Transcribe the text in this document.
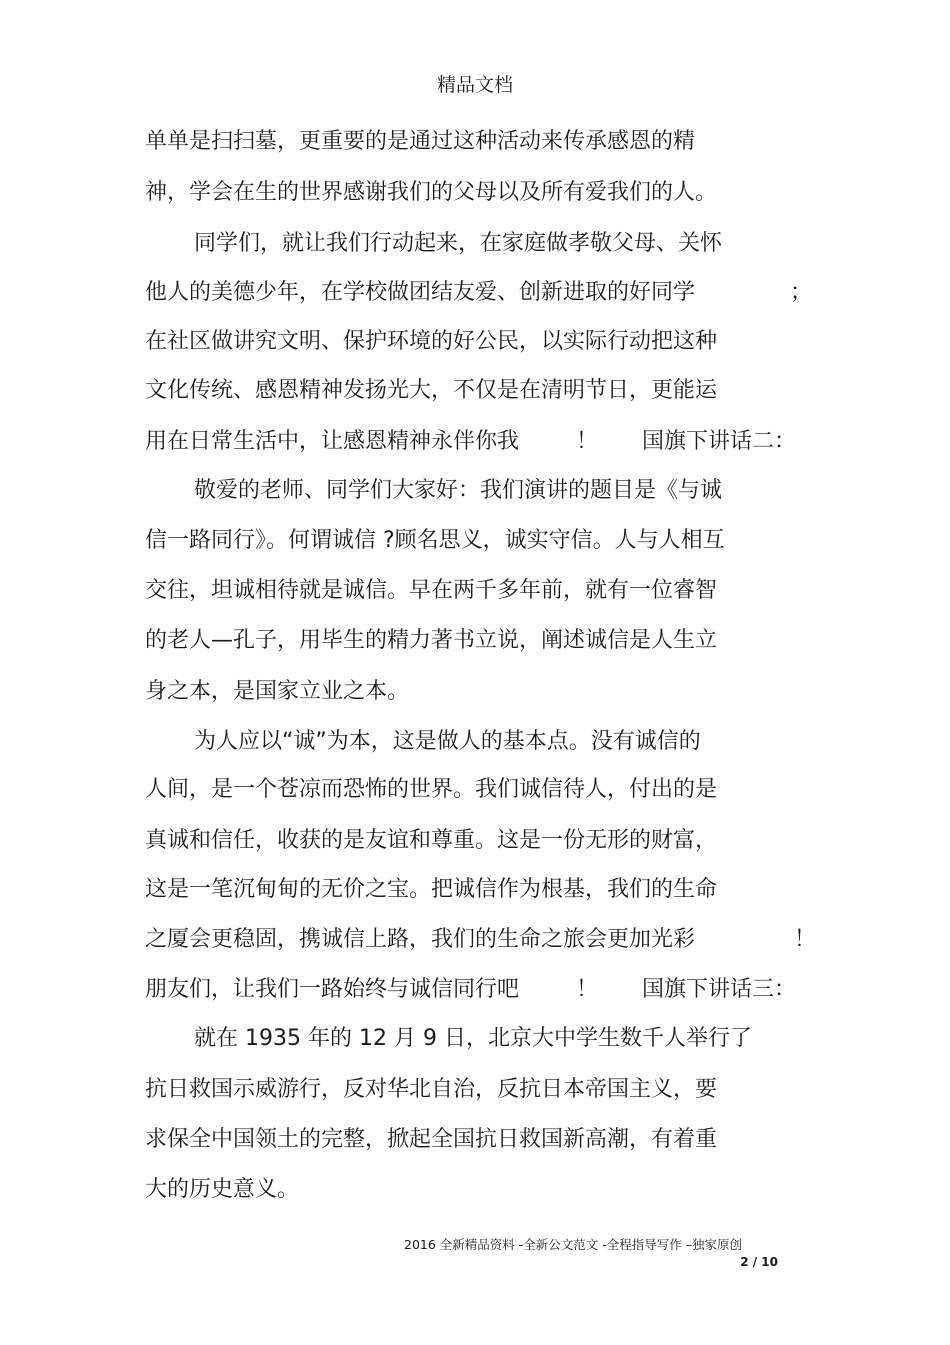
精品文档
单单是扫扫墓，更重要的是通过这种活动来传承感恩的精
神，学会在生的世界感谢我们的父母以及所有爱我们的人。
同学们，就让我们行动起来，在家庭做孝敬父母、关怀
他人的美德少年，在学校做团结友爱、创新进取的好同学	；
在社区做讲究文明、保护环境的好公民，以实际行动把这种
文化传统、感恩精神发扬光大，不仅是在清明节日，更能运
用在日常生活中，让感恩精神永伴你我	！ 国旗下讲话二：
敬爱的老师、同学们大家好：我们演讲的题目是《与诚
信一路同行》。何谓诚信 ?顾名思义，诚实守信。人与人相互
交往，坦诚相待就是诚信。早在两千多年前，就有一位睿智
的老人—孔子，用毕生的精力著书立说，阐述诚信是人生立
身之本，是国家立业之本。
为人应以“诚”为本，这是做人的基本点。没有诚信的
人间，是一个苍凉而恐怖的世界。我们诚信待人，付出的是
真诚和信任，收获的是友谊和尊重。这是一份无形的财富，
这是一笔沉甸甸的无价之宝。把诚信作为根基，我们的生命
之厦会更稳固，携诚信上路，我们的生命之旅会更加光彩	！
朋友们，让我们一路始终与诚信同行吧	！ 国旗下讲话三：
就在 1935 年的 12 月 9 日，北京大中学生数千人举行了
抗日救国示威游行，反对华北自治，反抗日本帝国主义，要
求保全中国领土的完整，掀起全国抗日救国新高潮，有着重
大的历史意义。
2016 全新精品资料 -全新公文范文 -全程指导写作 –独家原创
2 / 10
